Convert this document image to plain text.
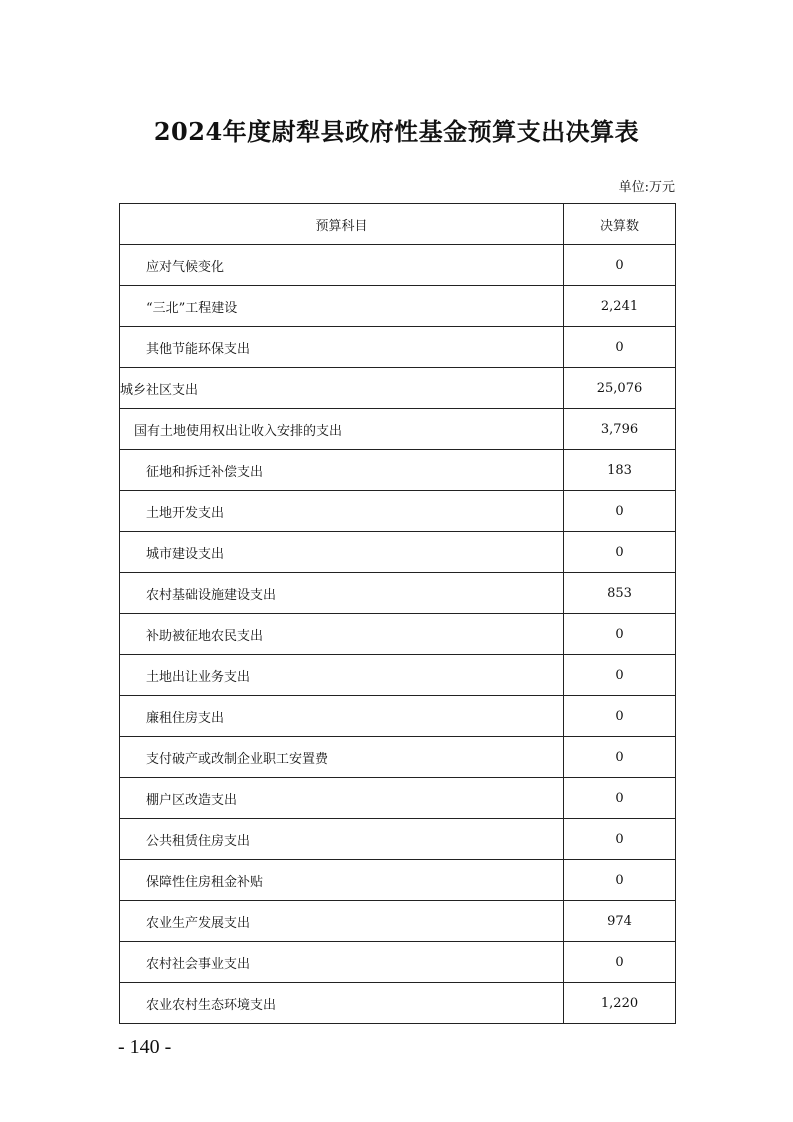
2024年度尉犁县政府性基金预算支出决算表
单位:万元
预算科目	决算数
应对气候变化	0
“三北”工程建设	2,241
其他节能环保支出	0
城乡社区支出	25,076
国有土地使用权出让收入安排的支出	3,796
征地和拆迁补偿支出	183
土地开发支出	0
城市建设支出	0
农村基础设施建设支出	853
补助被征地农民支出	0
土地出让业务支出	0
廉租住房支出	0
支付破产或改制企业职工安置费	0
棚户区改造支出	0
公共租赁住房支出	0
保障性住房租金补贴	0
农业生产发展支出	974
农村社会事业支出	0
农业农村生态环境支出	1,220
- 140 -
